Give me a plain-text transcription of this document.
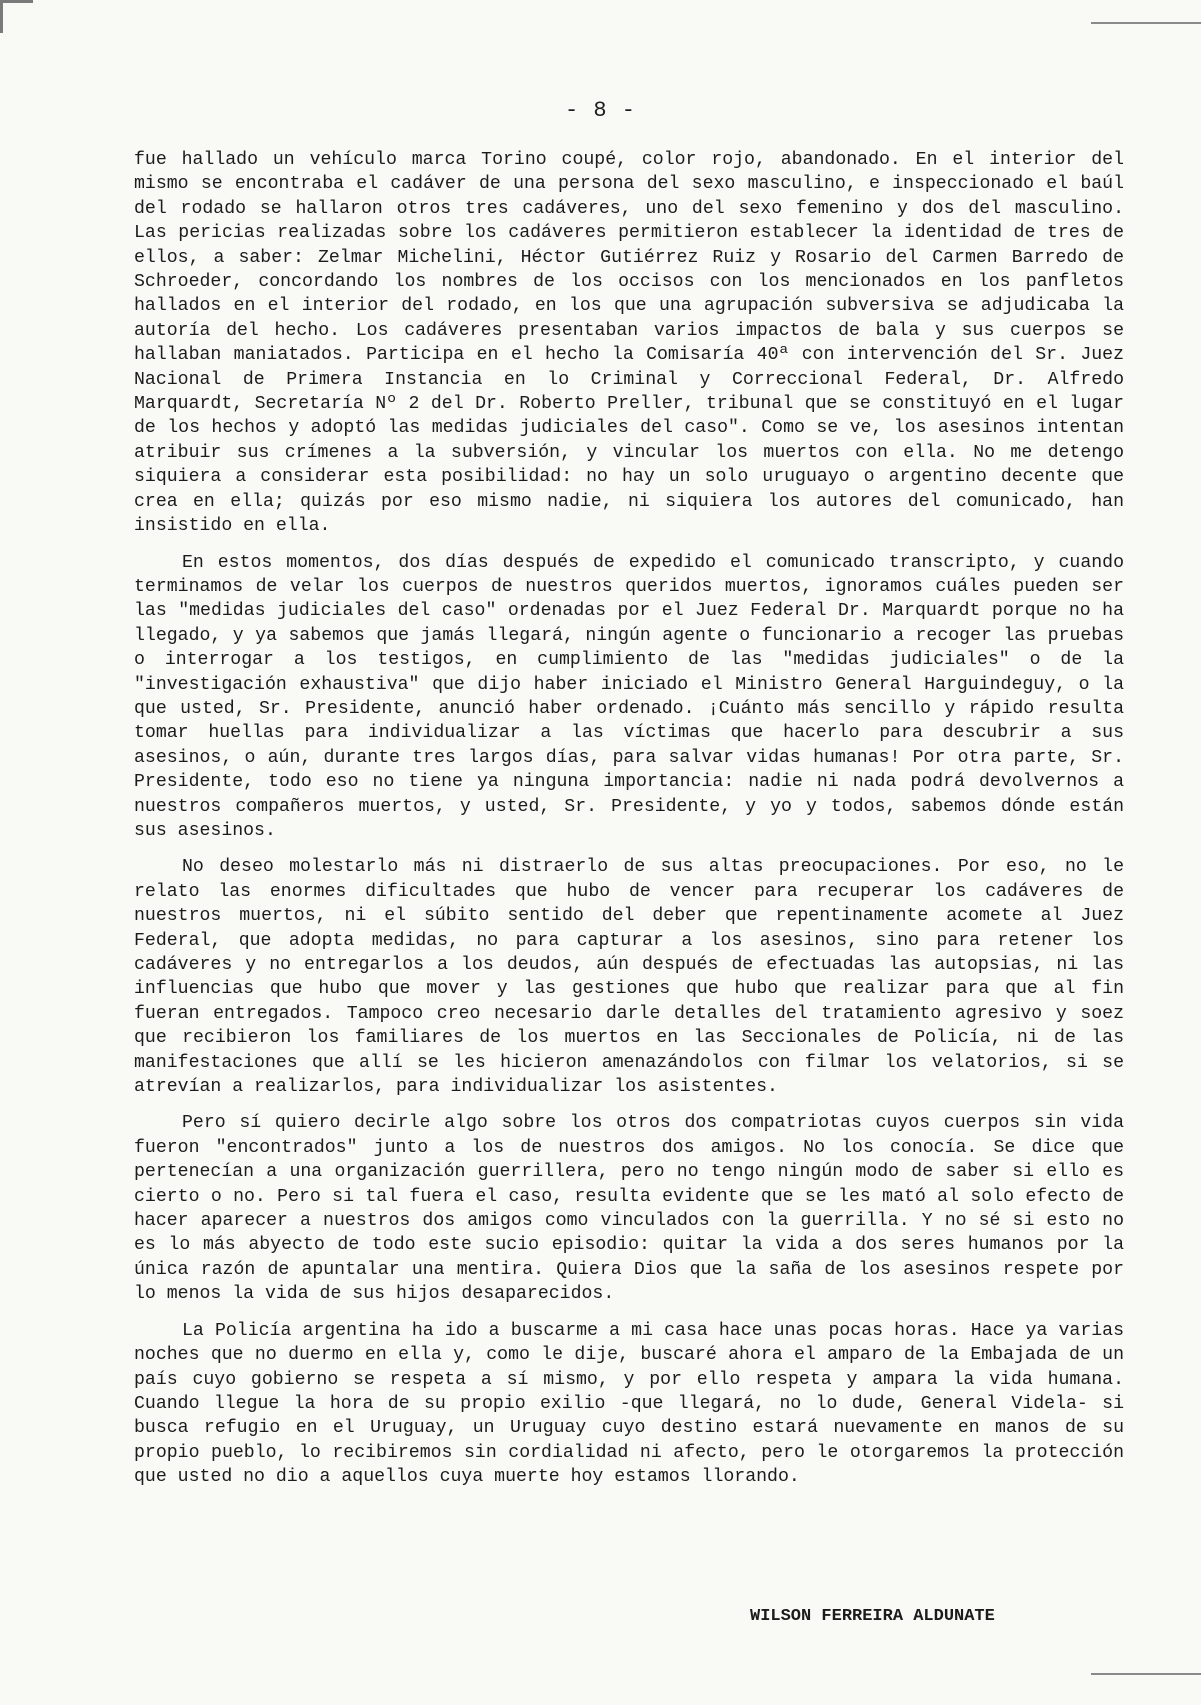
- 8 -

fue hallado un vehículo marca Torino coupé, color rojo, abandonado. En el interior del mismo se encontraba el cadáver de una persona del sexo masculino, e inspeccionado el baúl del rodado se hallaron otros tres cadáveres, uno del sexo femenino y dos del masculino. Las pericias realizadas sobre los cadáveres permitieron establecer la identidad de tres de ellos, a saber: Zelmar Michelini, Héctor Gutiérrez Ruiz y Rosario del Carmen Barredo de Schroeder, concordando los nombres de los occisos con los mencionados en los panfletos hallados en el interior del rodado, en los que una agrupación subversiva se adjudicaba la autoría del hecho. Los cadáveres presentaban varios impactos de bala y sus cuerpos se hallaban maniatados. Participa en el hecho la Comisaría 40ª con intervención del Sr. Juez Nacional de Primera Instancia en lo Criminal y Correccional Federal, Dr. Alfredo Marquardt, Secretaría Nº 2 del Dr. Roberto Preller, tribunal que se constituyó en el lugar de los hechos y adoptó las medidas judiciales del caso". Como se ve, los asesinos intentan atribuir sus crímenes a la subversión, y vincular los muertos con ella. No me detengo siquiera a considerar esta posibilidad: no hay un solo uruguayo o argentino decente que crea en ella; quizás por eso mismo nadie, ni siquiera los autores del comunicado, han insistido en ella.

En estos momentos, dos días después de expedido el comunicado transcripto, y cuando terminamos de velar los cuerpos de nuestros queridos muertos, ignoramos cuáles pueden ser las "medidas judiciales del caso" ordenadas por el Juez Federal Dr. Marquardt porque no ha llegado, y ya sabemos que jamás llegará, ningún agente o funcionario a recoger las pruebas o interrogar a los testigos, en cumplimiento de las "medidas judiciales" o de la "investigación exhaustiva" que dijo haber iniciado el Ministro General Harguindeguy, o la que usted, Sr. Presidente, anunció haber ordenado. ¡Cuánto más sencillo y rápido resulta tomar huellas para individualizar a las víctimas que hacerlo para descubrir a sus asesinos, o aún, durante tres largos días, para salvar vidas humanas! Por otra parte, Sr. Presidente, todo eso no tiene ya ninguna importancia: nadie ni nada podrá devolvernos a nuestros compañeros muertos, y usted, Sr. Presidente, y yo y todos, sabemos dónde están sus asesinos.

No deseo molestarlo más ni distraerlo de sus altas preocupaciones. Por eso, no le relato las enormes dificultades que hubo de vencer para recuperar los cadáveres de nuestros muertos, ni el súbito sentido del deber que repentinamente acomete al Juez Federal, que adopta medidas, no para capturar a los asesinos, sino para retener los cadáveres y no entregarlos a los deudos, aún después de efectuadas las autopsias, ni las influencias que hubo que mover y las gestiones que hubo que realizar para que al fin fueran entregados. Tampoco creo necesario darle detalles del tratamiento agresivo y soez que recibieron los familiares de los muertos en las Seccionales de Policía, ni de las manifestaciones que allí se les hicieron amenazándolos con filmar los velatorios, si se atrevían a realizarlos, para individualizar los asistentes.

Pero sí quiero decirle algo sobre los otros dos compatriotas cuyos cuerpos sin vida fueron "encontrados" junto a los de nuestros dos amigos. No los conocía. Se dice que pertenecían a una organización guerrillera, pero no tengo ningún modo de saber si ello es cierto o no. Pero si tal fuera el caso, resulta evidente que se les mató al solo efecto de hacer aparecer a nuestros dos amigos como vinculados con la guerrilla. Y no sé si esto no es lo más abyecto de todo este sucio episodio: quitar la vida a dos seres humanos por la única razón de apuntalar una mentira. Quiera Dios que la saña de los asesinos respete por lo menos la vida de sus hijos desaparecidos.

La Policía argentina ha ido a buscarme a mi casa hace unas pocas horas. Hace ya varias noches que no duermo en ella y, como le dije, buscaré ahora el amparo de la Embajada de un país cuyo gobierno se respeta a sí mismo, y por ello respeta y ampara la vida humana. Cuando llegue la hora de su propio exilio -que llegará, no lo dude, General Videla- si busca refugio en el Uruguay, un Uruguay cuyo destino estará nuevamente en manos de su propio pueblo, lo recibiremos sin cordialidad ni afecto, pero le otorgaremos la protección que usted no dio a aquellos cuya muerte hoy estamos llorando.

WILSON FERREIRA ALDUNATE
